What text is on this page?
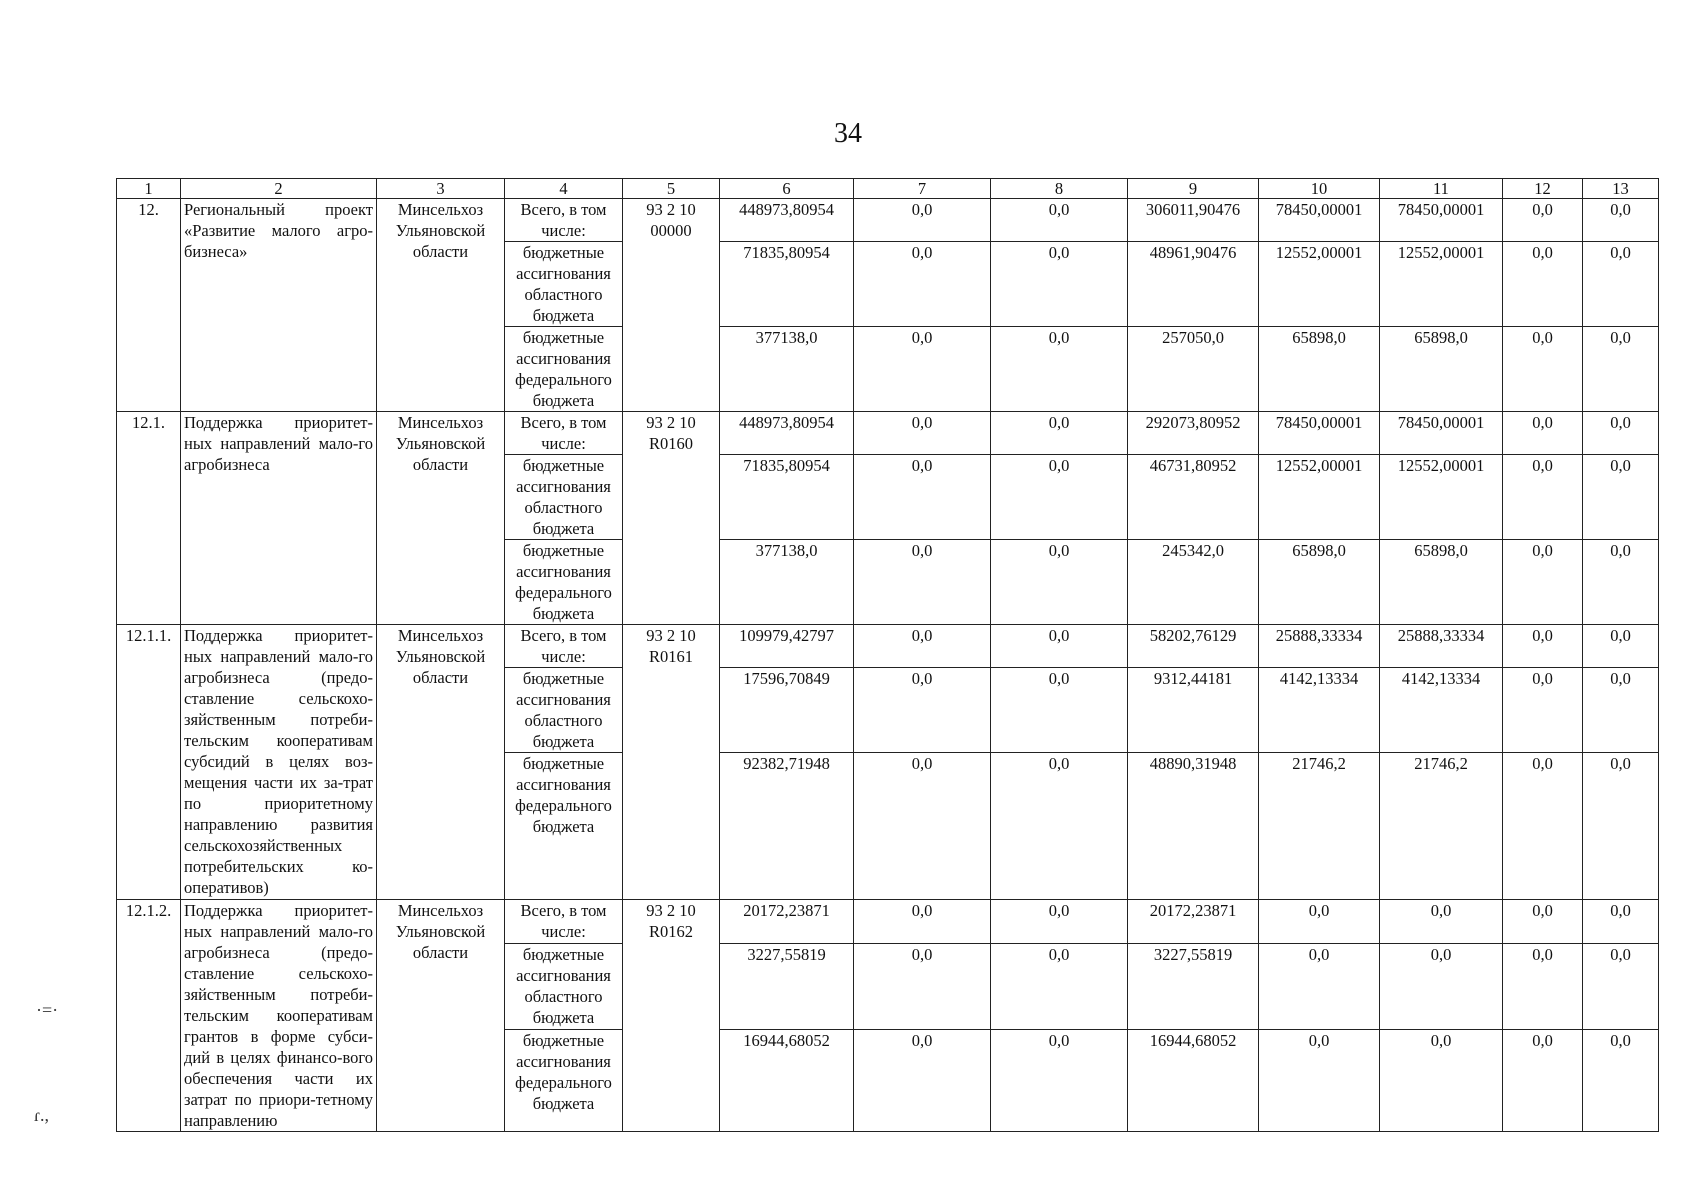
34
1	2	3	4	5	6	7	8	9	10	11	12	13
12.	Региональный проект «Развитие малого агро-бизнеса»	Минсельхоз Ульяновской области	Всего, в том числе:	93 2 10 00000	448973,80954	0,0	0,0	306011,90476	78450,00001	78450,00001	0,0	0,0
			бюджетные ассигнования областного бюджета		71835,80954	0,0	0,0	48961,90476	12552,00001	12552,00001	0,0	0,0
			бюджетные ассигнования федерального бюджета		377138,0	0,0	0,0	257050,0	65898,0	65898,0	0,0	0,0
12.1.	Поддержка приоритет-ных направлений мало-го агробизнеса	Минсельхоз Ульяновской области	Всего, в том числе:	93 2 10 R0160	448973,80954	0,0	0,0	292073,80952	78450,00001	78450,00001	0,0	0,0
			бюджетные ассигнования областного бюджета		71835,80954	0,0	0,0	46731,80952	12552,00001	12552,00001	0,0	0,0
			бюджетные ассигнования федерального бюджета		377138,0	0,0	0,0	245342,0	65898,0	65898,0	0,0	0,0
12.1.1.	Поддержка приоритет-ных направлений мало-го агробизнеса (предо-ставление сельскохо-зяйственным потреби-тельским кооперативам субсидий в целях воз-мещения части их за-трат по приоритетному направлению развития сельскохозяйственных потребительских ко-оперативов)	Минсельхоз Ульяновской области	Всего, в том числе:	93 2 10 R0161	109979,42797	0,0	0,0	58202,76129	25888,33334	25888,33334	0,0	0,0
			бюджетные ассигнования областного бюджета		17596,70849	0,0	0,0	9312,44181	4142,13334	4142,13334	0,0	0,0
			бюджетные ассигнования федерального бюджета		92382,71948	0,0	0,0	48890,31948	21746,2	21746,2	0,0	0,0
12.1.2.	Поддержка приоритет-ных направлений мало-го агробизнеса (предо-ставление сельскохо-зяйственным потреби-тельским кооперативам грантов в форме субси-дий в целях финансо-вого обеспечения части их затрат по приори-тетному направлению	Минсельхоз Ульяновской области	Всего, в том числе:	93 2 10 R0162	20172,23871	0,0	0,0	20172,23871	0,0	0,0	0,0	0,0
			бюджетные ассигнования областного бюджета		3227,55819	0,0	0,0	3227,55819	0,0	0,0	0,0	0,0
			бюджетные ассигнования федерального бюджета		16944,68052	0,0	0,0	16944,68052	0,0	0,0	0,0	0,0
·=·
ɾ.,
